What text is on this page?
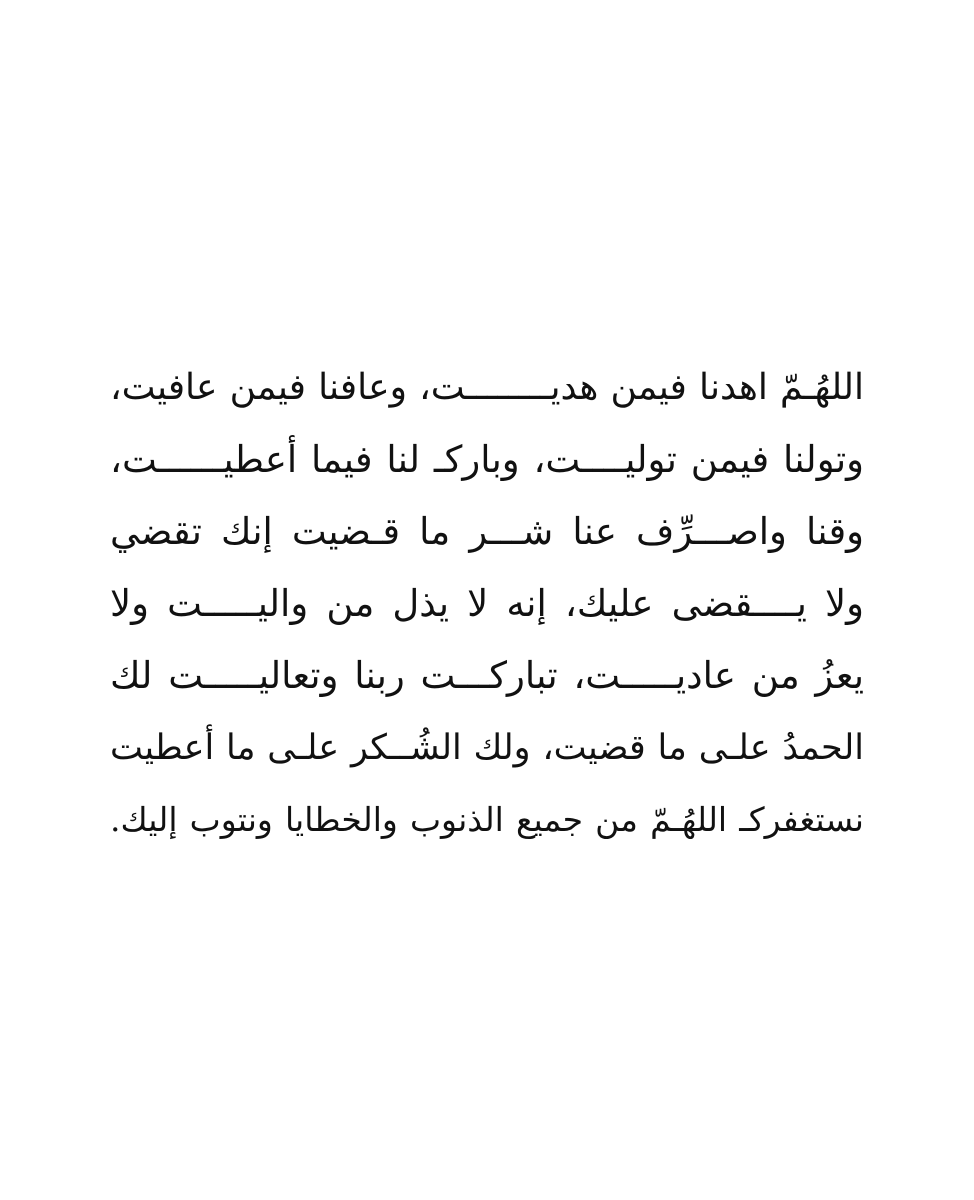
اللهُـمّ اهدنا فيمن هديــــــــت، وعافنا فيمن عافيت،
وتولنا فيمن توليــــت، وباركـ لنا فيما أعطيــــــت،
وقنا واصـــرِّف عنا شـــر ما قـضيت إنك تقضي
ولا يــــقضى عليك، إنه لا يذل من واليـــــت ولا
يعزُ من عاديـــــت، تباركـــت ربنا وتعاليـــــت لك
الحمدُ علـى ما قضيت، ولك الشُــكر علـى ما أعطيت
نستغفركـ اللهُـمّ من جميع الذنوب والخطايا ونتوب إليك.
